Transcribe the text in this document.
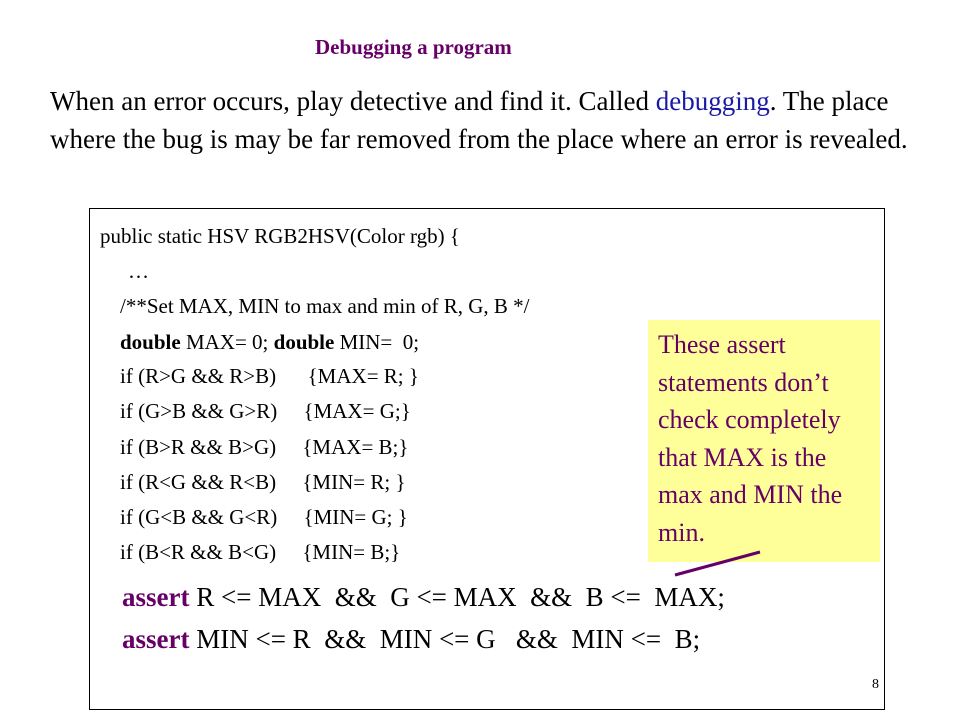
Debugging a program
When an error occurs, play detective and find it. Called debugging. The place where the bug is may be far removed from the place where an error is revealed.
public static HSV RGB2HSV(Color rgb) {
…
/**Set MAX, MIN to max and min of R, G, B */
double MAX= 0; double MIN=  0;
if (R>G && R>B)      {MAX= R; }
if (G>B && G>R)     {MAX= G;}
if (B>R && B>G)     {MAX= B;}
if (R<G && R<B)     {MIN= R; }
if (G<B && G<R)     {MIN= G; }
if (B<R && B<G)     {MIN= B;}
assert R <= MAX  &&  G <= MAX  &&  B <=  MAX;
assert MIN <= R  &&  MIN <= G   &&  MIN <=  B;
8
These assert statements don’t check completely that MAX is the max and MIN the min.
